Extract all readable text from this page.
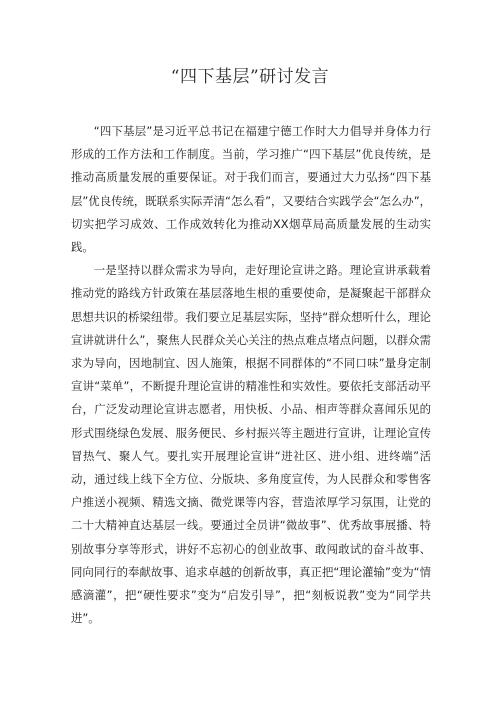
“四下基层”研讨发言

“四下基层”是习近平总书记在福建宁德工作时大力倡导并身体力行形成的工作方法和工作制度。当前，学习推广“四下基层”优良传统，是推动高质量发展的重要保证。对于我们而言，要通过大力弘扬“四下基层”优良传统，既联系实际弄清“怎么看”，又要结合实践学会“怎么办”，切实把学习成效、工作成效转化为推动XX烟草局高质量发展的生动实践。

一是坚持以群众需求为导向，走好理论宣讲之路。理论宣讲承载着推动党的路线方针政策在基层落地生根的重要使命，是凝聚起干部群众思想共识的桥梁纽带。我们要立足基层实际，坚持“群众想听什么，理论宣讲就讲什么”，聚焦人民群众关心关注的热点难点堵点问题，以群众需求为导向，因地制宜、因人施策，根据不同群体的“不同口味”量身定制宣讲“菜单”，不断提升理论宣讲的精准性和实效性。要依托支部活动平台，广泛发动理论宣讲志愿者，用快板、小品、相声等群众喜闻乐见的形式围绕绿色发展、服务便民、乡村振兴等主题进行宣讲，让理论宣传冒热气、聚人气。要扎实开展理论宣讲“进社区、进小组、进终端”活动，通过线上线下全方位、分版块、多角度宣传，为人民群众和零售客户推送小视频、精选文摘、微党课等内容，营造浓厚学习氛围，让党的二十大精神直达基层一线。要通过全员讲“微故事”、优秀故事展播、特别故事分享等形式，讲好不忘初心的创业故事、敢闯敢试的奋斗故事、同向同行的奉献故事、追求卓越的创新故事，真正把“理论灌输”变为“情感滴灌”，把“硬性要求”变为“启发引导”，把“刻板说教”变为“同学共进”。
